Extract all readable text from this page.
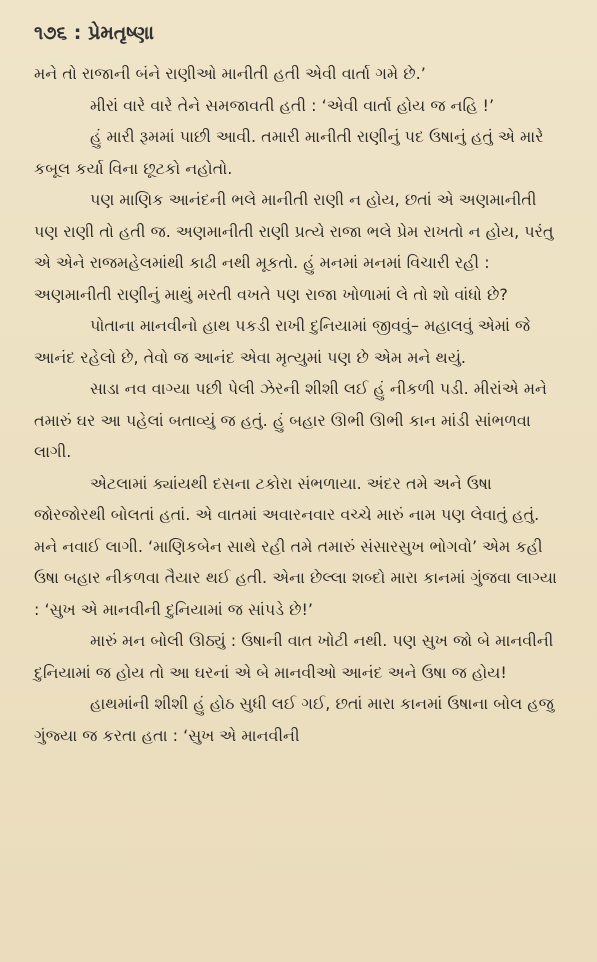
૧૭૬ : પ્રેમતૃષ્ણા

મને તો રાજાની બંને રાણીઓ માનીતી હતી એવી વાર્તા ગમે છે.’

મીરાં વારે વારે તેને સમજાવતી હતી : ‘એવી વાર્તા હોય જ નહિ !’

હું મારી રૂમમાં પાછી આવી. તમારી માનીતી રાણીનું પદ ઉષાનું હતું એ મારે કબૂલ કર્યા વિના છૂટકો નહોતો.

પણ માણિક આનંદની ભલે માનીતી રાણી ન હોય, છતાં એ અણમાનીતી પણ રાણી તો હતી જ. અણમાનીતી રાણી પ્રત્યે રાજા ભલે પ્રેમ રાખતો ન હોય, પરંતુ એ એને રાજમહેલમાંથી કાઢી નથી મૂકતો. હું મનમાં મનમાં વિચારી રહી : અણમાનીતી રાણીનું માથું મરતી વખતે પણ રાજા ખોળામાં લે તો શો વાંધો છે?

પોતાના માનવીનો હાથ પકડી રાખી દુનિયામાં જીવવું– મહાલવું એમાં જે આનંદ રહેલો છે, તેવો જ આનંદ એવા મૃત્યુમાં પણ છે એમ મને થયું.

સાડા નવ વાગ્યા પછી પેલી ઝેરની શીશી લઈ હું નીકળી પડી. મીરાંએ મને તમારું ઘર આ પહેલાં બતાવ્યું જ હતું. હું બહાર ઊભી ઊભી કાન માંડી સાંભળવા લાગી.

એટલામાં ક્યાંયથી દસના ટકોરા સંભળાયા. અંદર તમે અને ઉષા જોરજોરથી બોલતાં હતાં. એ વાતમાં અવારનવાર વચ્ચે મારું નામ પણ લેવાતું હતું. મને નવાઈ લાગી. ‘માણિકબેન સાથે રહી તમે તમારું સંસારસુખ ભોગવો’ એમ કહી ઉષા બહાર નીકળવા તૈયાર થઈ હતી. એના છેલ્લા શબ્દો મારા કાનમાં ગુંજવા લાગ્યા : ‘સુખ એ માનવીની દુનિયામાં જ સાંપડે છે!’

મારું મન બોલી ઊઠ્યું : ઉષાની વાત ખોટી નથી. પણ સુખ જો બે માનવીની દુનિયામાં જ હોય તો આ ઘરનાં એ બે માનવીઓ આનંદ અને ઉષા જ હોય!

હાથમાંની શીશી હું હોઠ સુધી લઈ ગઈ, છતાં મારા કાનમાં ઉષાના બોલ હજુ ગુંજ્યા જ કરતા હતા : ‘સુખ એ માનવીની
